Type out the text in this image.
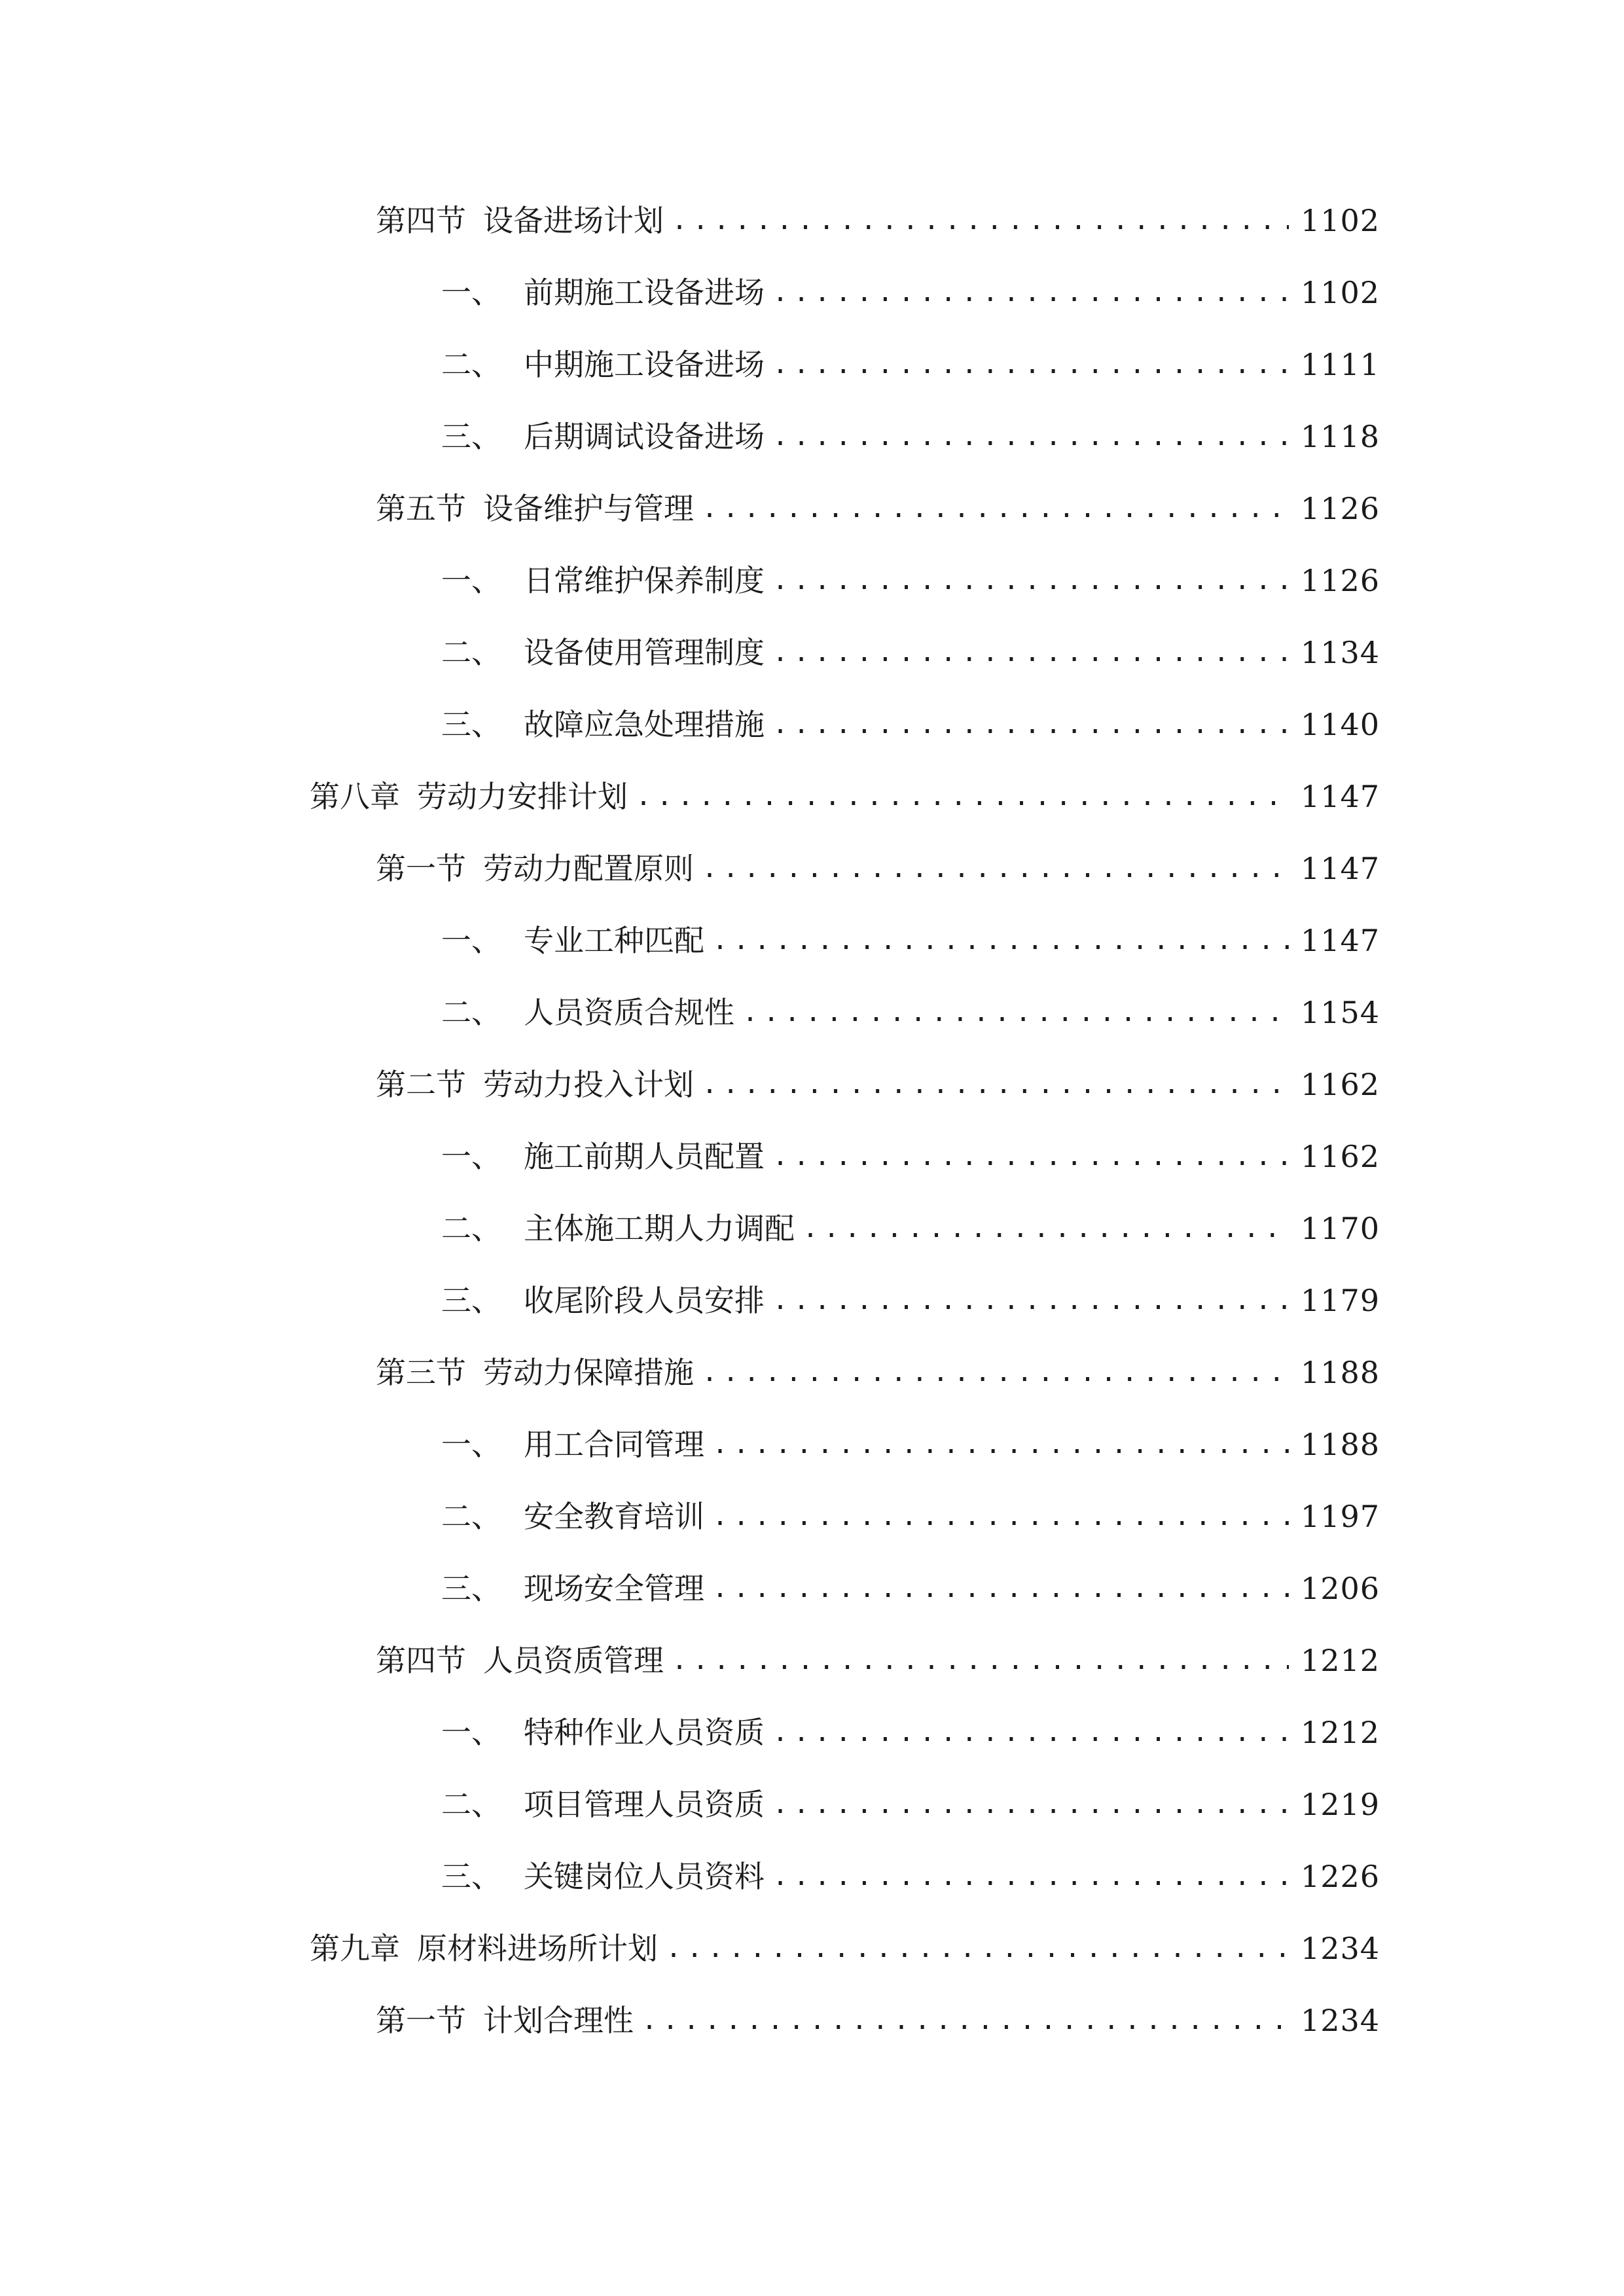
第四节 设备进场计划 .....	1102
一、 前期施工设备进场 .....	1102
二、 中期施工设备进场 .....	1111
三、 后期调试设备进场 .....	1118
第五节 设备维护与管理 .....	1126
一、 日常维护保养制度 .....	1126
二、 设备使用管理制度 .....	1134
三、 故障应急处理措施 .....	1140
第八章 劳动力安排计划 .....	1147
第一节 劳动力配置原则 .....	1147
一、 专业工种匹配 .....	1147
二、 人员资质合规性 .....	1154
第二节 劳动力投入计划 .....	1162
一、 施工前期人员配置 .....	1162
二、 主体施工期人力调配 .....	1170
三、 收尾阶段人员安排 .....	1179
第三节 劳动力保障措施 .....	1188
一、 用工合同管理 .....	1188
二、 安全教育培训 .....	1197
三、 现场安全管理 .....	1206
第四节 人员资质管理 .....	1212
一、 特种作业人员资质 .....	1212
二、 项目管理人员资质 .....	1219
三、 关键岗位人员资料 .....	1226
第九章 原材料进场所计划 .....	1234
第一节 计划合理性 .....	1234
